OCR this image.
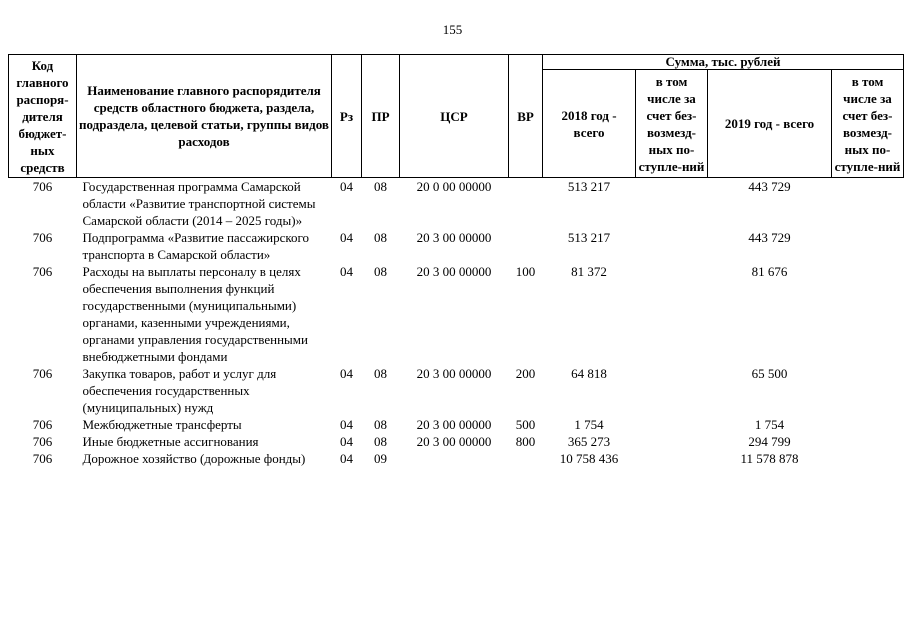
155
Код главного распоря-дителя бюджет-ных средств	Наименование главного распорядителя средств областного бюджета, раздела, подраздела, целевой статьи, группы видов расходов	Рз	ПР	ЦСР	ВР	Сумма, тыс. рублей			
						2018 год - всего	в том числе за счет без-возмезд-ных по-ступле-ний	2019 год - всего	в том числе за счет без-возмезд-ных по-ступле-ний
706	Государственная программа Самарской области «Развитие транспортной системы Самарской области (2014 – 2025 годы)»	04	08	20 0 00 00000		513 217		443 729	
706	Подпрограмма «Развитие пассажирского транспорта в Самарской области»	04	08	20 3 00 00000		513 217		443 729	
706	Расходы на выплаты персоналу в целях обеспечения выполнения функций государственными (муниципальными) органами, казенными учреждениями, органами управления государственными внебюджетными фондами	04	08	20 3 00 00000	100	81 372		81 676	
706	Закупка товаров, работ и услуг для обеспечения государственных (муниципальных) нужд	04	08	20 3 00 00000	200	64 818		65 500	
706	Межбюджетные трансферты	04	08	20 3 00 00000	500	1 754		1 754	
706	Иные бюджетные ассигнования	04	08	20 3 00 00000	800	365 273		294 799	
706	Дорожное хозяйство (дорожные фонды)	04	09			10 758 436		11 578 878	
